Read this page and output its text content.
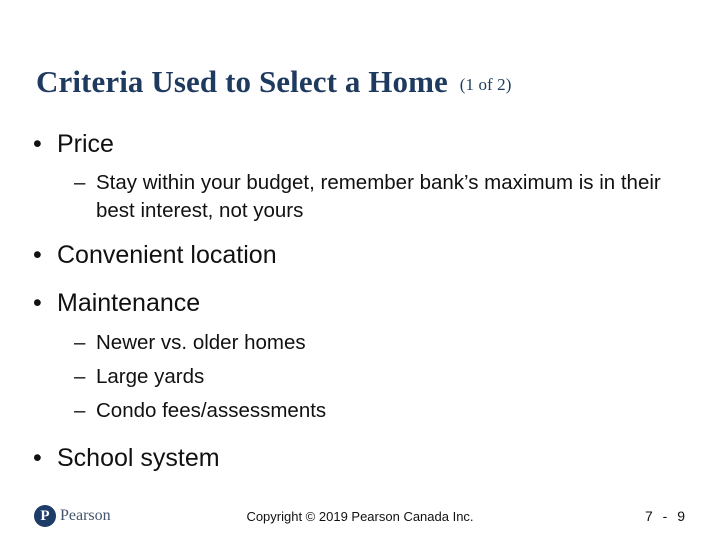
Criteria Used to Select a Home (1 of 2)
• Price
– Stay within your budget, remember bank’s maximum is in their best interest, not yours
• Convenient location
• Maintenance
– Newer vs. older homes
– Large yards
– Condo fees/assessments
• School system
P Pearson	Copyright © 2019 Pearson Canada Inc.	7 - 9
